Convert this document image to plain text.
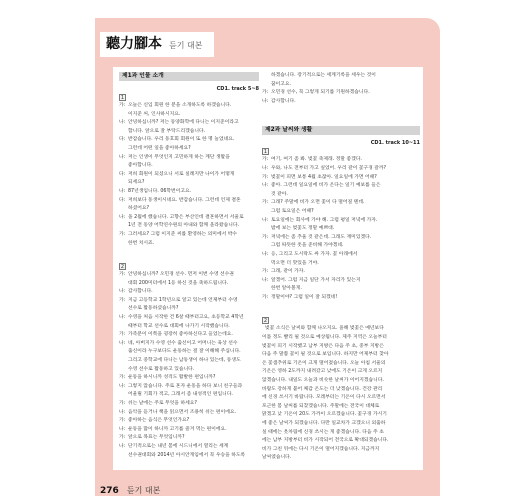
聽力腳本 듣기 대본
제1과 인물 소개
CD1. track 5~8
1
가: 오늘은 신입 회원 한 분을 소개하도록 하겠습니다.
이지준 씨, 인사하시지요.
나: 안녕하십니까? 저는 동양화학에 다니는 이지준이라고
합니다. 앞으로 잘 부탁드리겠습니다.
다: 반갑습니다. 우리 동호회 회원이 또 한 명 늘었네요.
그런데 어떤 일을 좋아하세요?
나: 저는 인생이 무엇인지 고민하게 하는 계단 생활을
좋아합니다.
다: 저희 회원이 되셨으니 서로 실례지만 나이가 어떻게
되세요?
나: 87년생입니다. 06학번이고요.
다: 저희보다 동생이시네요. 반갑습니다. 그런데 언제 결혼
하셨어요?
나: 올 2월에 했습니다. 고향은 부산인데 결혼하면서 서울로
1년 전 동양 어학연수원의 아내와 함께 올라왔습니다.
가: 그러세요? 그럼 이지준 씨를 환영하는 의미에서 박수
한번 치시죠.
2
가: 안녕하십니까? 오민경 선수. 먼저 이번 수영 선수권
대회 200미터에서 1등 하신 것을 축하드립니다.
나: 감사합니다.
가: 지금 고등학교 1학년으로 알고 있는데 언제부터 수영
선수로 활동하셨습니까?
나: 수영을 처음 시작한 건 6살 때부터고요, 초등학교 4학년
때부터 학교 선수로 대회에 나가기 시작했습니다.
가: 가족분이 이쪽을 굉장히 좋아하신다고 들었는데요.
나: 네, 아버지가 수영 선수 출신이고 어머니는 육상 선수
출신이라 누구보다도 운동하는 걸 잘 이해해 주십니다.
그리고 중학교에 다니는 남동생이 하나 있는데, 동생도
수영 선수로 활동하고 있습니다.
가: 운동을 하시니까 성격도 활발한 편입니까?
나: 그렇지 않습니다. 주로 혼자 운동을 하다 보니 친구들과
어울릴 기회가 적고, 그래서 좀 내성적인 편입니다.
가: 쉬는 날에는 주로 무엇을 하세요?
나: 음악을 듣거나 책을 읽으면서 조용히 쉬는 편이에요.
가: 좋아하는 음식은 무엇인가요?
나: 운동을 많이 하니까 고기를 즐겨 먹는 편이에요.
가: 앞으로 목표는 무엇입니까?
나: 단기적으로는 내년 봄에 시드니에서 열리는 세계
선수권대회와 2014년 아시안게임에서 꼭 우승을 하도록
하겠습니다. 장기적으로는 세계기록을 세우는 것이
꿈이고요.
가: 오민경 선수, 꼭 그렇게 되기를 기원하겠습니다.
나: 감사합니다.
제2과 날씨와 생활
CD1. track 10~11
1
가: 여기, 여기 좀 봐. 벚꽃 축제래. 정말 좋겠다.
나: 우와, 나도 전부터 가고 싶었어. 우리 같이 꽃구경 갈까?
가: 벚꽃이 피면 보통 4월 초잖아. 일요일에 가면 어때?
나: 좋아. 그런데 일요일에 비가 온다는 일기 예보를 들은
것 같아.
가: 그래? 주말에 비가 오면 꽃이 다 떨어질 텐데.
그럼 토요일은 어때?
나: 토요일에는 회사에 가야 해. 그럼 평일 저녁에 가자.
밤에 보는 벚꽃도 정말 예쁘대.
가: 저녁에는 좀 추울 것 같은데. 그래도 재미있겠다.
그럼 따뜻한 옷을 준비해 가야겠네.
나: 응, 그리고 도시락도 싸 가자. 꽃 아래에서
먹으면 더 맛있을 거야.
가: 그래, 같이 가자.
나: 알겠어. 그럼 지금 일단 가서 자리가 있는지
한번 알아볼게.
가: 정말이야? 그럼 일이 잘 되겠네!
2
벚꽃 소식은 날씨와 함께 나오지요. 올해 벚꽃은 예년보다
이틀 정도 빨리 필 것으로 예상됩니다. 제주 지역은 오늘부터
벚꽃이 피기 시작했고 남부 지방은 다음 주 초, 중부 지방은
다음 주 말쯤 꽃이 필 것으로 보입니다. 하지만 어제부터 찾아
온 꽃샘추위로 기온이 크게 떨어졌습니다. 오늘 아침 서울의
기온은 영하 2도까지 내려갔고 낮에도 기온이 크게 오르지
않겠습니다. 내일도 오늘과 비슷한 날씨가 이어지겠습니다.
바람도 강하게 불어 체감 온도는 더 낮겠습니다. 건강 관리
에 신경 쓰시기 바랍니다. 모레부터는 기온이 다시 오르면서
포근한 봄 날씨를 되찾겠습니다. 주말에는 전국이 대체로
맑겠고 낮 기온이 20도 가까이 오르겠습니다. 꽃구경 가시기
에 좋은 날씨가 되겠습니다. 다만 일교차가 크겠으니 외출하
실 때에는 옷차림에 신경 쓰시는 게 좋겠습니다. 다음 주 초
에는 남부 지방부터 비가 시작되어 전국으로 확대되겠습니다.
비가 그친 뒤에는 다시 기온이 떨어지겠습니다. 지금까지
날씨였습니다.
276 듣기 대본
